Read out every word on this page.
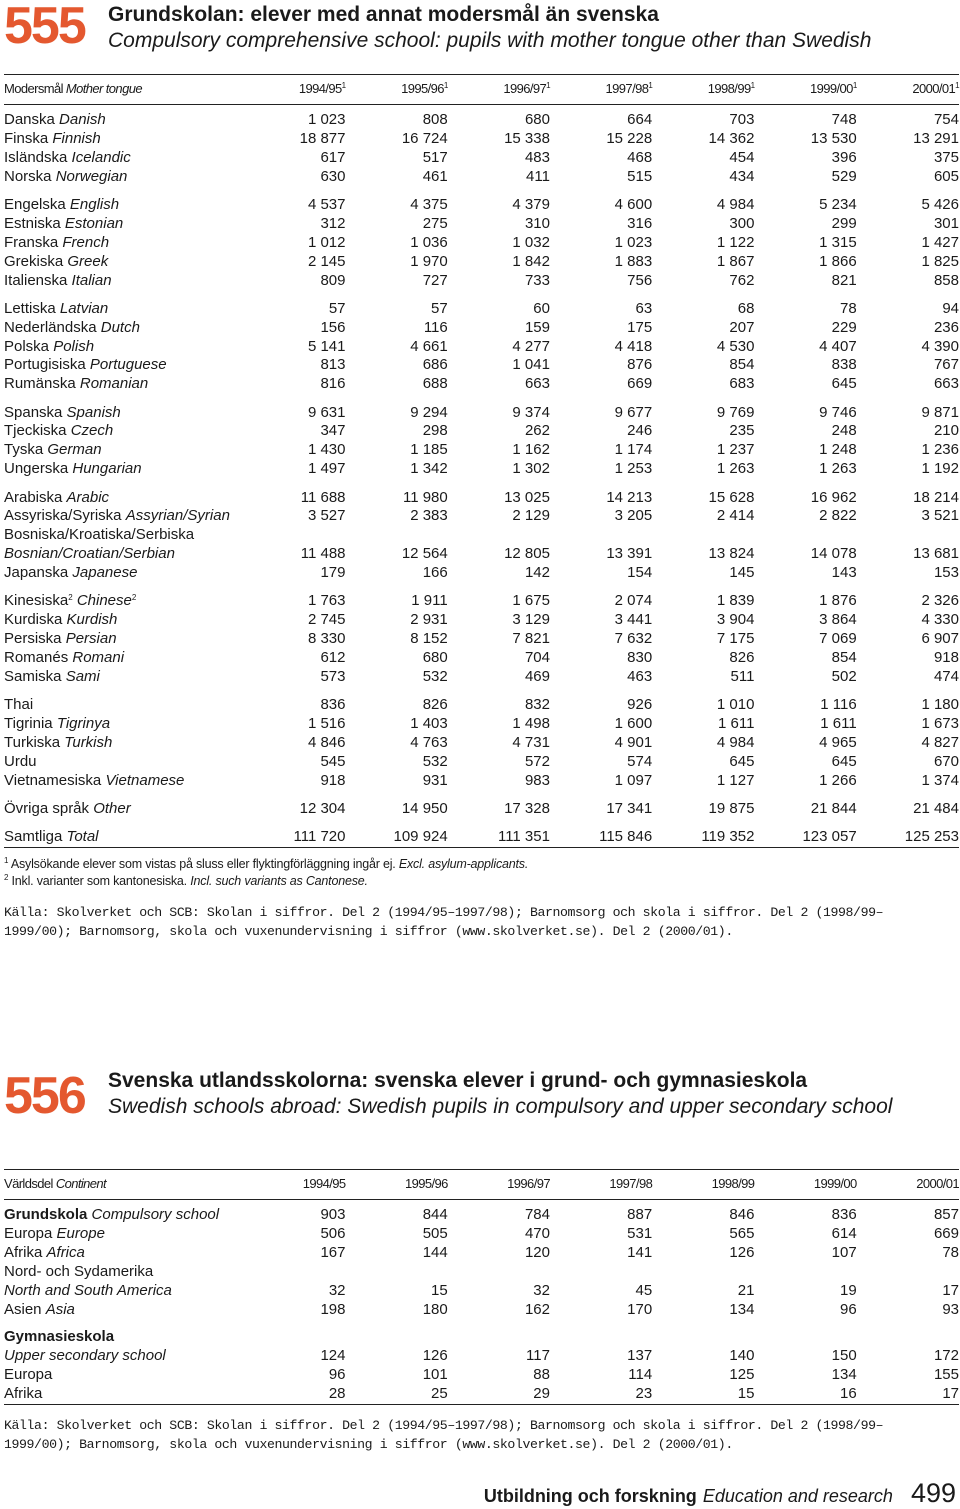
555	Grundskolan: elever med annat modersmål än svenska
Compulsory comprehensive school: pupils with mother tongue other than Swedish
Modersmål Mother tongue	$1994/95^1$	$1995/96^1$	$1996/97^1$	$1997/98^1$	$1998/99^1$	$1999/00^1$	$2000/01^1$

Danska Danish	1 023	808	680	664	703	748	754
Finska Finnish	18 877	16 724	15 338	15 228	14 362	13 530	13 291
Isländska Icelandic	617	517	483	468	454	396	375
Norska Norwegian	630	461	411	515	434	529	605

Engelska English	4 537	4 375	4 379	4 600	4 984	5 234	5 426
Estniska Estonian	312	275	310	316	300	299	301
Franska French	1 012	1 036	1 032	1 023	1 122	1 315	1 427
Grekiska Greek	2 145	1 970	1 842	1 883	1 867	1 866	1 825
Italienska Italian	809	727	733	756	762	821	858

Lettiska Latvian	57	57	60	63	68	78	94
Nederländska Dutch	156	116	159	175	207	229	236
Polska Polish	5 141	4 661	4 277	4 418	4 530	4 407	4 390
Portugisiska Portuguese	813	686	1 041	876	854	838	767
Rumänska Romanian	816	688	663	669	683	645	663

Spanska Spanish	9 631	9 294	9 374	9 677	9 769	9 746	9 871
Tjeckiska Czech	347	298	262	246	235	248	210
Tyska German	1 430	1 185	1 162	1 174	1 237	1 248	1 236
Ungerska Hungarian	1 497	1 342	1 302	1 253	1 263	1 263	1 192

Arabiska Arabic	11 688	11 980	13 025	14 213	15 628	16 962	18 214
Assyriska/Syriska Assyrian/Syrian	3 527	2 383	2 129	3 205	2 414	2 822	3 521
Bosniska/Kroatiska/Serbiska							
Bosnian/Croatian/Serbian	11 488	12 564	12 805	13 391	13 824	14 078	13 681
Japanska Japanese	179	166	142	154	145	143	153

Kinesiska$^2$ Chinese$^2$	1 763	1 911	1 675	2 074	1 839	1 876	2 326
Kurdiska Kurdish	2 745	2 931	3 129	3 441	3 904	3 864	4 330
Persiska Persian	8 330	8 152	7 821	7 632	7 175	7 069	6 907
Romanés Romani	612	680	704	830	826	854	918
Samiska Sami	573	532	469	463	511	502	474

Thai	836	826	832	926	1 010	1 116	1 180
Tigrinia Tigrinya	1 516	1 403	1 498	1 600	1 611	1 611	1 673
Turkiska Turkish	4 846	4 763	4 731	4 901	4 984	4 965	4 827
Urdu	545	532	572	574	645	645	670
Vietnamesiska Vietnamese	918	931	983	1 097	1 127	1 266	1 374

Övriga språk Other	12 304	14 950	17 328	17 341	19 875	21 844	21 484

Samtliga Total	111 720	109 924	111 351	115 846	119 352	123 057	125 253
$^1$ Asylsökande elever som vistas på sluss eller flyktingförläggning ingår ej. Excl. asylum-applicants.
$^2$ Inkl. varianter som kantonesiska. Incl. such variants as Cantonese.
Källa: Skolverket och SCB: Skolan i siffror. Del 2 (1994/95–1997/98); Barnomsorg och skola i siffror. Del 2 (1998/99–1999/00); Barnomsorg, skola och vuxenundervisning i siffror (www.skolverket.se). Del 2 (2000/01).
556	Svenska utlandsskolorna: svenska elever i grund- och gymnasieskola
Swedish schools abroad: Swedish pupils in compulsory and upper secondary school
Världsdel Continent	1994/95	1995/96	1996/97	1997/98	1998/99	1999/00	2000/01

Grundskola Compulsory school	903	844	784	887	846	836	857
Europa Europe	506	505	470	531	565	614	669
Afrika Africa	167	144	120	141	126	107	78
Nord- och Sydamerika							
North and South America	32	15	32	45	21	19	17
Asien Asia	198	180	162	170	134	96	93

Gymnasieskola							
Upper secondary school	124	126	117	137	140	150	172
Europa	96	101	88	114	125	134	155
Afrika	28	25	29	23	15	16	17
Källa: Skolverket och SCB: Skolan i siffror. Del 2 (1994/95–1997/98); Barnomsorg och skola i siffror. Del 2 (1998/99–1999/00); Barnomsorg, skola och vuxenundervisning i siffror (www.skolverket.se). Del 2 (2000/01).
Utbildning och forskning Education and research 499
